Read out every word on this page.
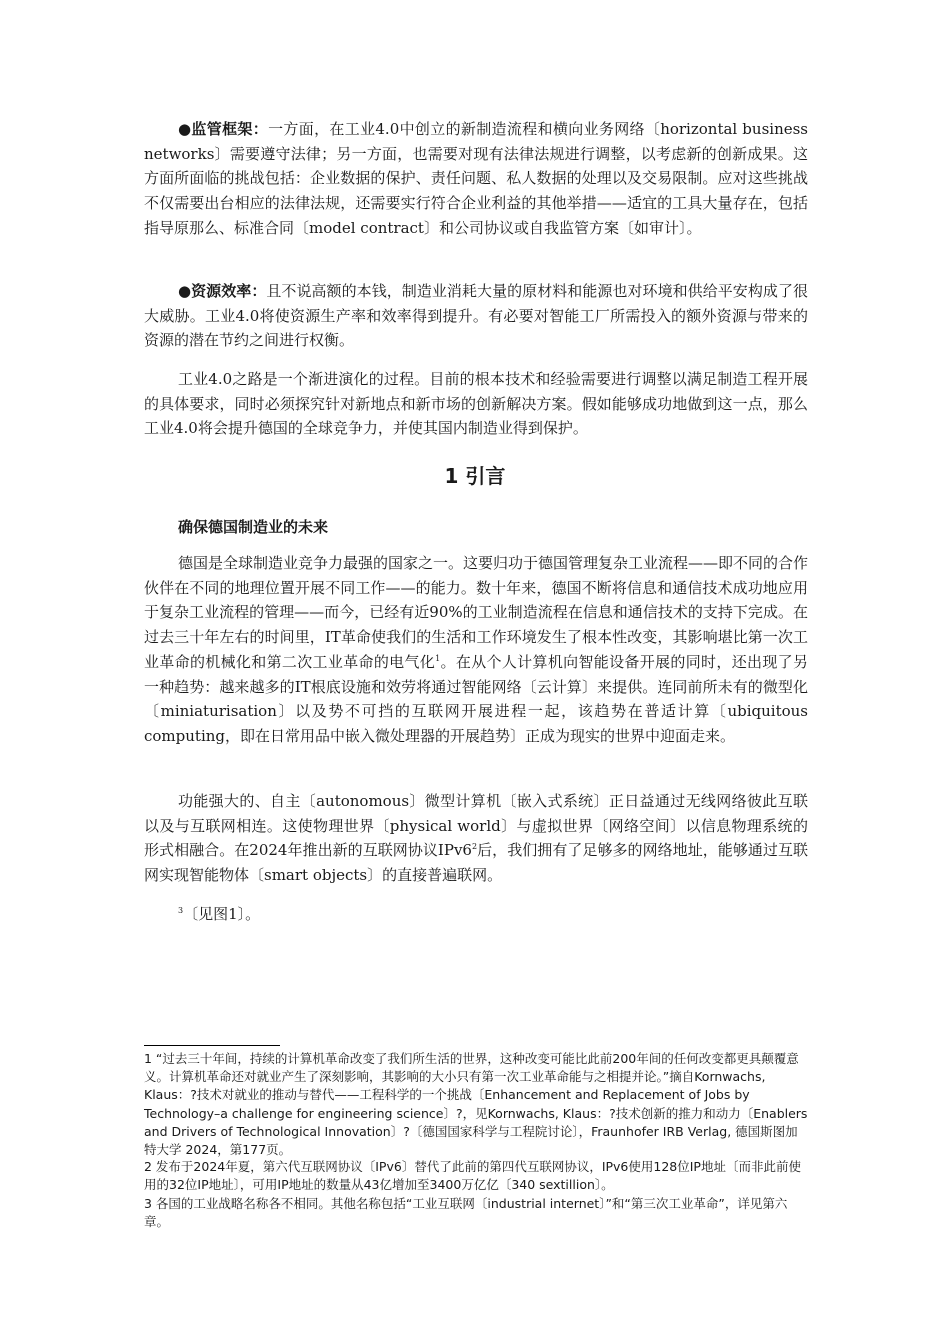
●监管框架：一方面，在工业4.0中创立的新制造流程和横向业务网络〔horizontal business networks〕需要遵守法律；另一方面，也需要对现有法律法规进行调整，以考虑新的创新成果。这方面所面临的挑战包括：企业数据的保护、责任问题、私人数据的处理以及交易限制。应对这些挑战不仅需要出台相应的法律法规，还需要实行符合企业利益的其他举措——适宜的工具大量存在，包括指导原那么、标准合同〔model contract〕和公司协议或自我监管方案〔如审计〕。

●资源效率：且不说高额的本钱，制造业消耗大量的原材料和能源也对环境和供给平安构成了很大威胁。工业4.0将使资源生产率和效率得到提升。有必要对智能工厂所需投入的额外资源与带来的资源的潜在节约之间进行权衡。

工业4.0之路是一个渐进演化的过程。目前的根本技术和经验需要进行调整以满足制造工程开展的具体要求，同时必须探究针对新地点和新市场的创新解决方案。假如能够成功地做到这一点，那么工业4.0将会提升德国的全球竞争力，并使其国内制造业得到保护。

1 引言
确保德国制造业的未来

德国是全球制造业竞争力最强的国家之一。这要归功于德国管理复杂工业流程——即不同的合作伙伴在不同的地理位置开展不同工作——的能力。数十年来，德国不断将信息和通信技术成功地应用于复杂工业流程的管理——而今，已经有近90%的工业制造流程在信息和通信技术的支持下完成。在过去三十年左右的时间里，IT革命使我们的生活和工作环境发生了根本性改变，其影响堪比第一次工业革命的机械化和第二次工业革命的电气化$^1$。在从个人计算机向智能设备开展的同时，还出现了另一种趋势：越来越多的IT根底设施和效劳将通过智能网络〔云计算〕来提供。连同前所未有的微型化〔miniaturisation〕以及势不可挡的互联网开展进程一起，该趋势在普适计算〔ubiquitous computing，即在日常用品中嵌入微处理器的开展趋势〕正成为现实的世界中迎面走来。

功能强大的、自主〔autonomous〕微型计算机〔嵌入式系统〕正日益通过无线网络彼此互联以及与互联网相连。这使物理世界〔physical world〕与虚拟世界〔网络空间〕以信息物理系统的形式相融合。在2024年推出新的互联网协议$IPv6^2$后，我们拥有了足够多的网络地址，能够通过互联网实现智能物体〔smart objects〕的直接普遍联网。

$^3$〔见图1〕。

1 “过去三十年间，持续的计算机革命改变了我们所生活的世界，这种改变可能比此前200年间的任何改变都更具颠覆意义。计算机革命还对就业产生了深刻影响，其影响的大小只有第一次工业革命能与之相提并论。”摘自Kornwachs, Klaus：?技术对就业的推动与替代——工程科学的一个挑战〔Enhancement and Replacement of Jobs by Technology–a challenge for engineering science〕?，见Kornwachs, Klaus：?技术创新的推力和动力〔Enablers and Drivers of Technological Innovation〕?〔德国国家科学与工程院讨论〕，Fraunhofer IRB Verlag, 德国斯图加特大学 2024，第177页。

2 发布于2024年夏，第六代互联网协议〔IPv6〕替代了此前的第四代互联网协议，IPv6使用128位IP地址〔而非此前使用的32位IP地址〕，可用IP地址的数量从43亿增加至3400万亿亿〔340 sextillion〕。

3 各国的工业战略名称各不相同。其他名称包括“工业互联网〔industrial internet〕”和“第三次工业革命”，详见第六章。
